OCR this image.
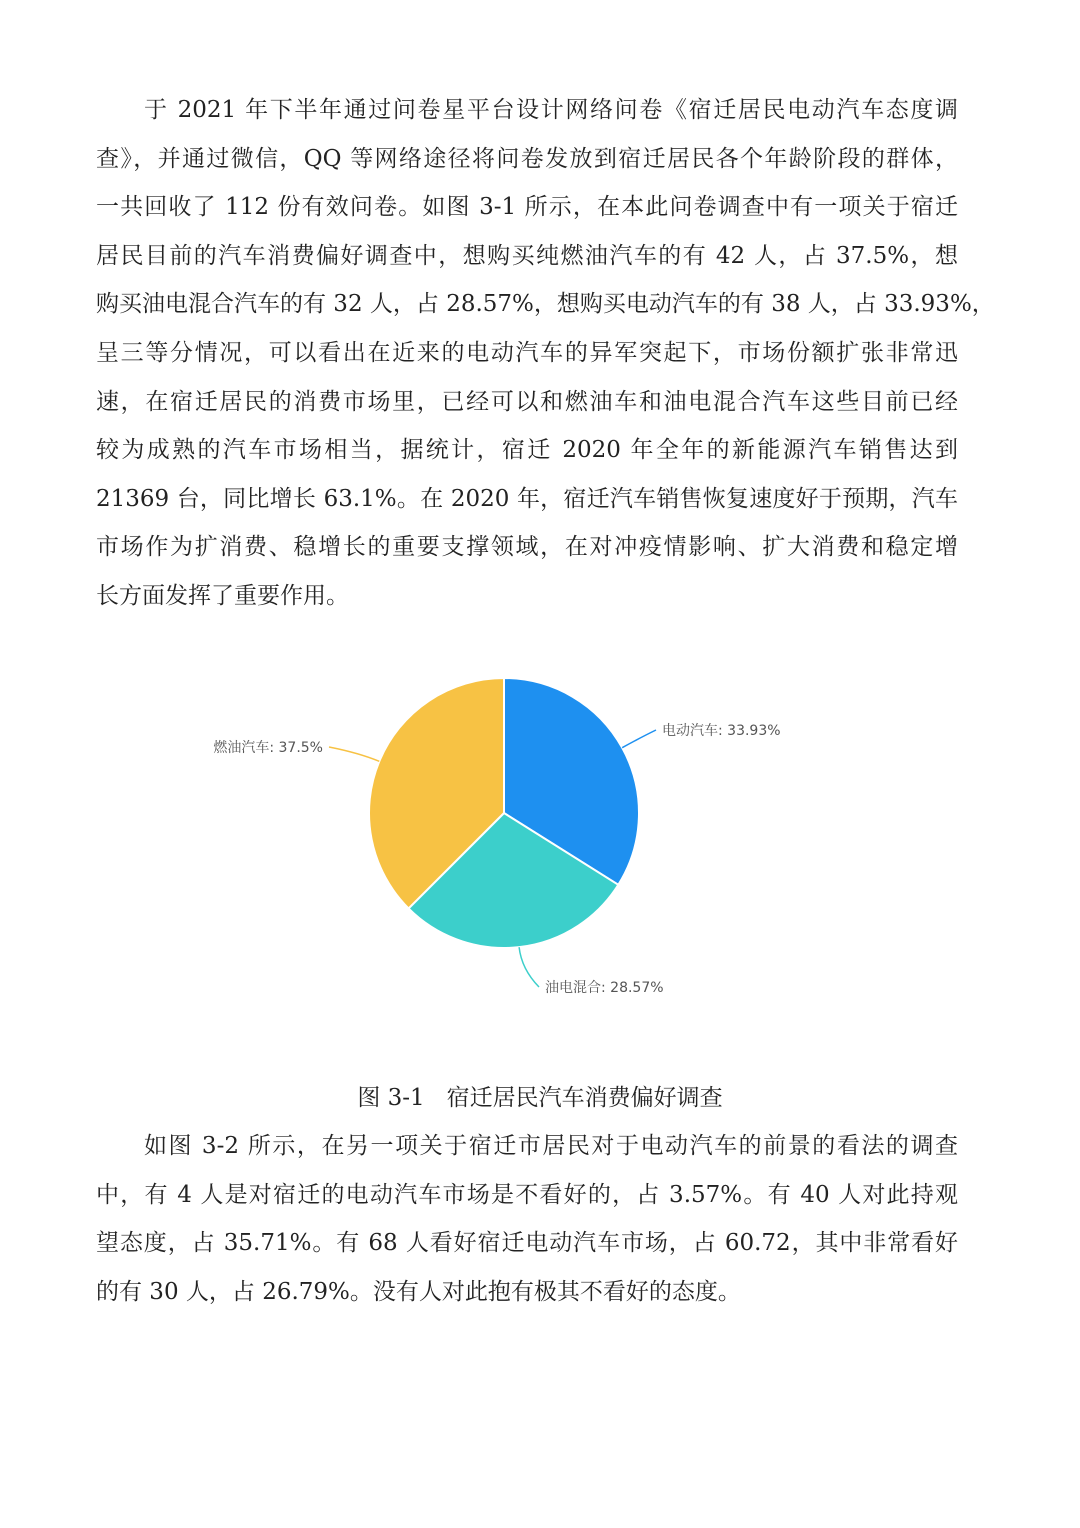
于 2021 年下半年通过问卷星平台设计网络问卷《宿迁居民电动汽车态度调
查》，并通过微信，QQ 等网络途径将问卷发放到宿迁居民各个年龄阶段的群体，
一共回收了 112 份有效问卷。如图 3-1 所示，在本此问卷调查中有一项关于宿迁
居民目前的汽车消费偏好调查中，想购买纯燃油汽车的有 42 人，占 37.5%，想
购买油电混合汽车的有 32 人，占 28.57%，想购买电动汽车的有 38 人，占 33.93%，
呈三等分情况，可以看出在近来的电动汽车的异军突起下，市场份额扩张非常迅
速，在宿迁居民的消费市场里，已经可以和燃油车和油电混合汽车这些目前已经
较为成熟的汽车市场相当，据统计，宿迁 2020 年全年的新能源汽车销售达到
21369 台，同比增长 63.1%。在 2020 年，宿迁汽车销售恢复速度好于预期，汽车
市场作为扩消费、稳增长的重要支撑领域，在对冲疫情影响、扩大消费和稳定增
长方面发挥了重要作用。
电动汽车: 33.93%
油电混合: 28.57%
燃油汽车: 37.5%
图 3-1 宿迁居民汽车消费偏好调查
如图 3-2 所示，在另一项关于宿迁市居民对于电动汽车的前景的看法的调查
中，有 4 人是对宿迁的电动汽车市场是不看好的，占 3.57%。有 40 人对此持观
望态度，占 35.71%。有 68 人看好宿迁电动汽车市场，占 60.72，其中非常看好
的有 30 人，占 26.79%。没有人对此抱有极其不看好的态度。
